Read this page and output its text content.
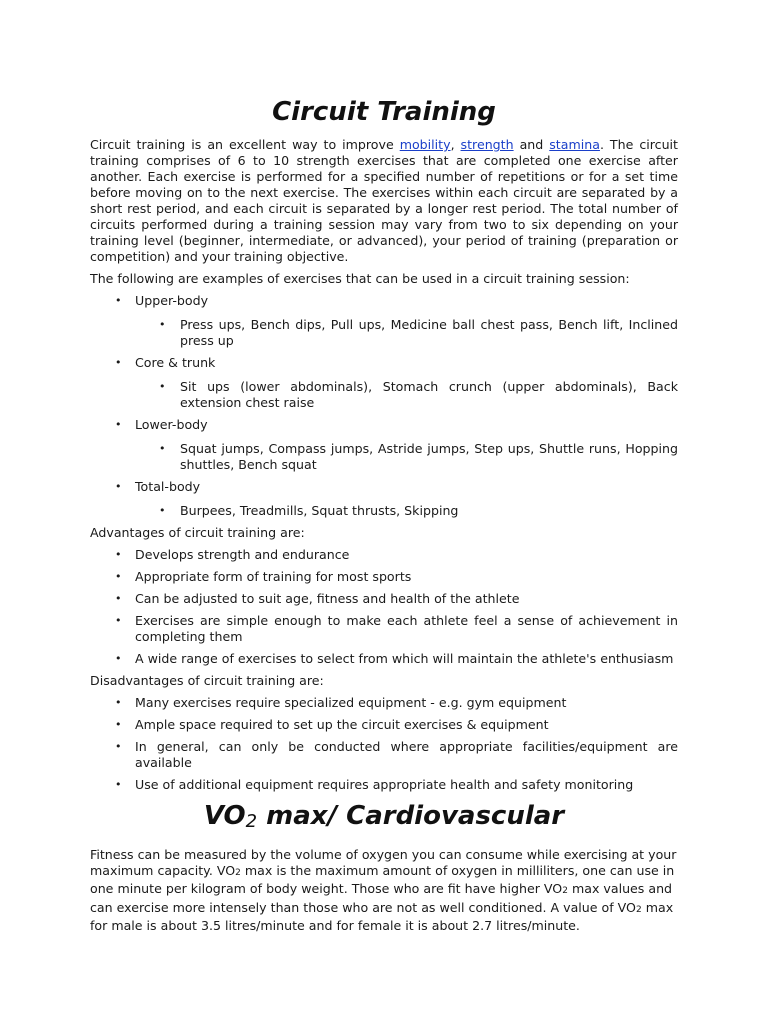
Circuit Training

Circuit training is an excellent way to improve mobility, strength and stamina. The circuit training comprises of 6 to 10 strength exercises that are completed one exercise after another. Each exercise is performed for a specified number of repetitions or for a set time before moving on to the next exercise. The exercises within each circuit are separated by a short rest period, and each circuit is separated by a longer rest period. The total number of circuits performed during a training session may vary from two to six depending on your training level (beginner, intermediate, or advanced), your period of training (preparation or competition) and your training objective.

The following are examples of exercises that can be used in a circuit training session:

• Upper-body
• Press ups, Bench dips, Pull ups, Medicine ball chest pass, Bench lift, Inclined press up
• Core & trunk
• Sit ups (lower abdominals), Stomach crunch (upper abdominals), Back extension chest raise
• Lower-body
• Squat jumps, Compass jumps, Astride jumps, Step ups, Shuttle runs, Hopping shuttles, Bench squat
• Total-body
• Burpees, Treadmills, Squat thrusts, Skipping

Advantages of circuit training are:

• Develops strength and endurance
• Appropriate form of training for most sports
• Can be adjusted to suit age, fitness and health of the athlete
• Exercises are simple enough to make each athlete feel a sense of achievement in completing them
• A wide range of exercises to select from which will maintain the athlete's enthusiasm

Disadvantages of circuit training are:

• Many exercises require specialized equipment - e.g. gym equipment
• Ample space required to set up the circuit exercises & equipment
• In general, can only be conducted where appropriate facilities/equipment are available
• Use of additional equipment requires appropriate health and safety monitoring
VO2 max/ Cardiovascular

Fitness can be measured by the volume of oxygen you can consume while exercising at your maximum capacity. VO2 max is the maximum amount of oxygen in milliliters, one can use in one minute per kilogram of body weight. Those who are fit have higher VO2 max values and can exercise more intensely than those who are not as well conditioned. A value of VO2 max for male is about 3.5 litres/minute and for female it is about 2.7 litres/minute.
